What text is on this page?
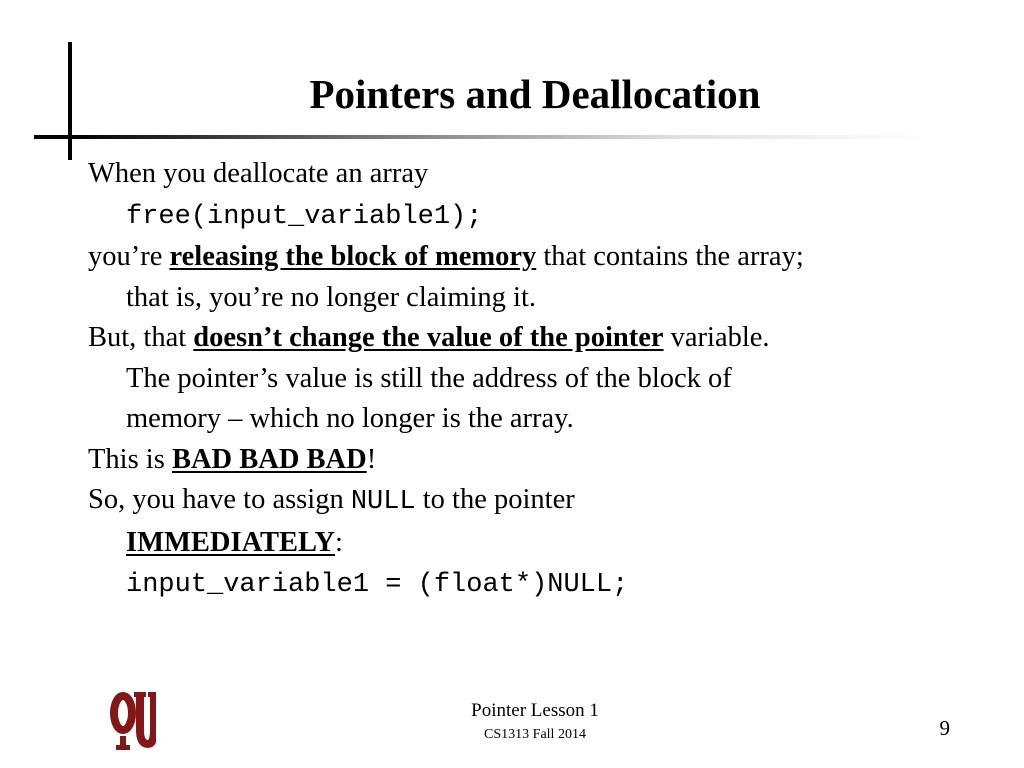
Pointers and Deallocation

When you deallocate an array

free(input_variable1);

you’re releasing the block of memory that contains the array;

that is, you’re no longer claiming it.

But, that doesn’t change the value of the pointer variable.

The pointer’s value is still the address of the block of

memory – which no longer is the array.

This is BAD BAD BAD!

So, you have to assign NULL to the pointer

IMMEDIATELY:

input_variable1 = (float*)NULL;

Pointer Lesson 1
CS1313 Fall 2014	9
